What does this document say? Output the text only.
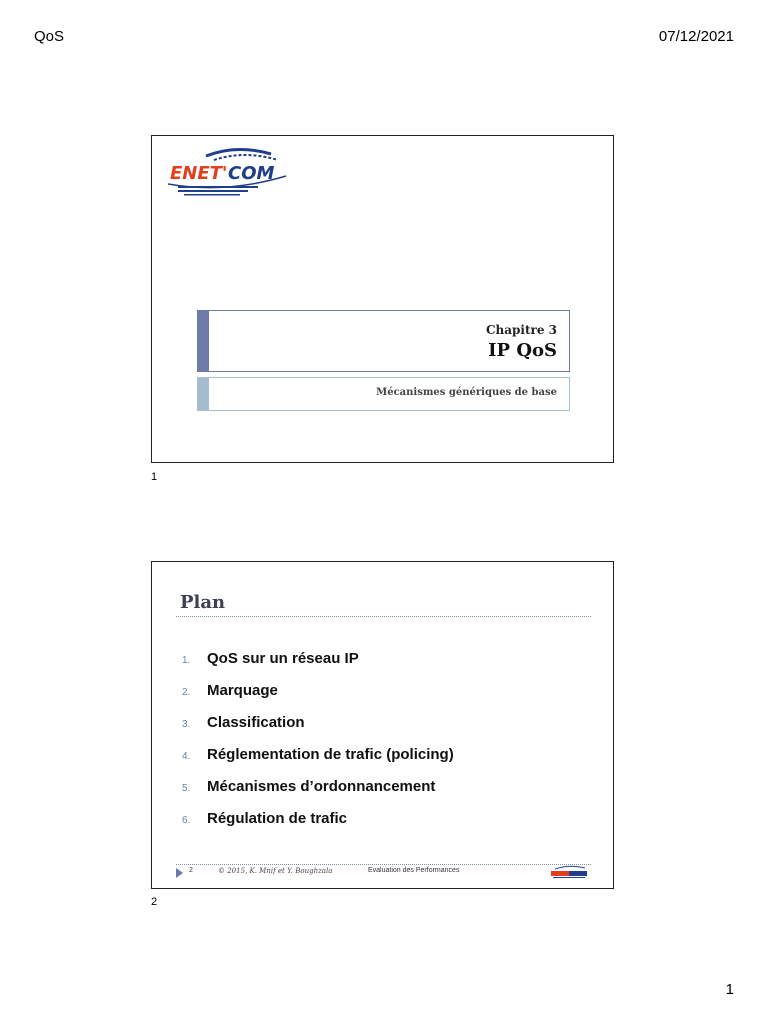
QoS	07/12/2021
ENET' COM
Chapitre 3
IP QoS
Mécanismes génériques de base
1
Plan
1.	QoS sur un réseau IP
2.	Marquage
3.	Classification
4.	Réglementation de trafic (policing)
5.	Mécanismes d’ordonnancement
6.	Régulation de trafic
2	© 2015, K. Mnif et Y. Boughzala	Evaluation des Performances
2
1
